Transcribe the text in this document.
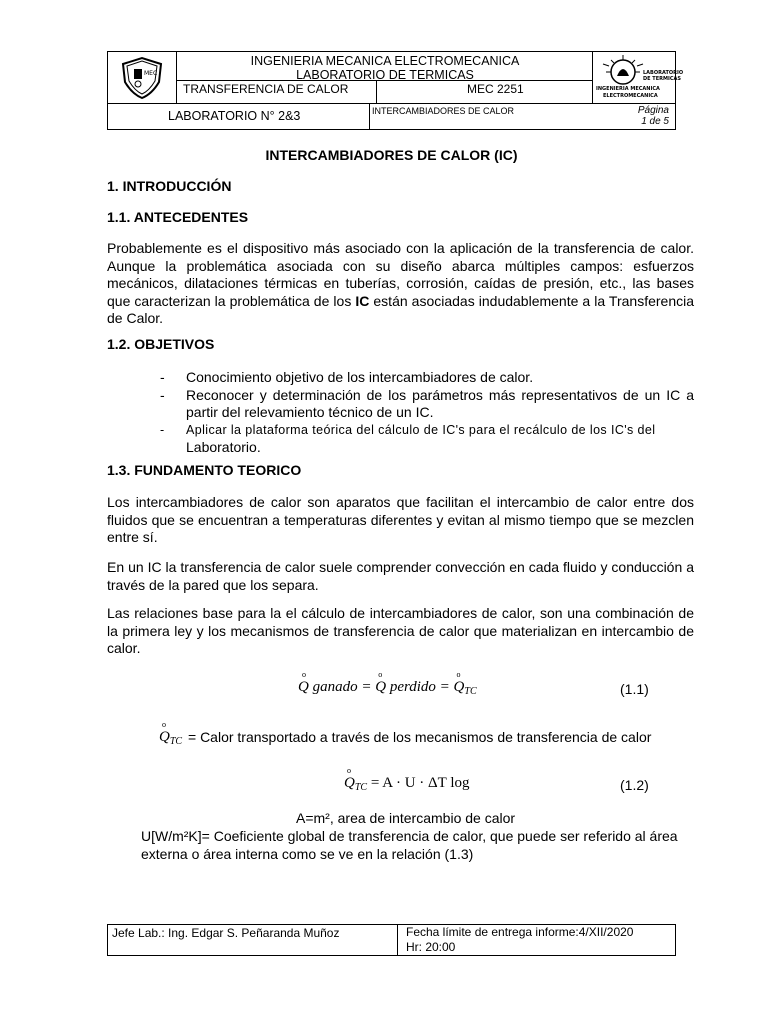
MEC
INGENIERIA MECANICA ELECTROMECANICA
LABORATORIO DE TERMICAS
TRANSFERENCIA DE CALOR	MEC 2251
LABORATORIO
DE TERMICAS
INGENIERIA MECANICA
ELECTROMECANICA
LABORATORIO N° 2&3	INTERCAMBIADORES DE CALOR	Página
1 de 5
INTERCAMBIADORES DE CALOR (IC)
1. INTRODUCCIÓN
1.1. ANTECEDENTES
Probablemente es el dispositivo más asociado con la aplicación de la transferencia de calor. Aunque la problemática asociada con su diseño abarca múltiples campos: esfuerzos mecánicos, dilataciones térmicas en tuberías, corrosión, caídas de presión, etc., las bases que caracterizan la problemática de los IC están asociadas indudablemente a la Transferencia de Calor.
1.2. OBJETIVOS
- Conocimiento objetivo de los intercambiadores de calor.
- Reconocer y determinación de los parámetros más representativos de un IC a partir del relevamiento técnico de un IC.
- Aplicar la plataforma teórica del cálculo de IC's para el recálculo de los IC's del
Laboratorio.
1.3. FUNDAMENTO TEORICO
Los intercambiadores de calor son aparatos que facilitan el intercambio de calor entre dos fluidos que se encuentran a temperaturas diferentes y evitan al mismo tiempo que se mezclen entre sí.
En un IC la transferencia de calor suele comprender convección en cada fluido y conducción a través de la pared que los separa.
Las relaciones base para la el cálculo de intercambiadores de calor, son una combinación de la primera ley y los mecanismos de transferencia de calor que materializan en intercambio de calor.
o
Q ganado =
o
Q perdido =
o
$Q_{TC}$	(1.1)
o
$Q_{TC}$ = Calor transportado a través de los mecanismos de transferencia de calor
o
$Q_{TC} = A \cdot U \cdot \Delta T$ log	(1.2)
A=m², area de intercambio de calor
U[W/m²K]= Coeficiente global de transferencia de calor, que puede ser referido al área
externa o área interna como se ve en la relación (1.3)
Jefe Lab.: Ing. Edgar S. Peñaranda Muñoz	Fecha límite de entrega informe:4/XII/2020
Hr: 20:00
